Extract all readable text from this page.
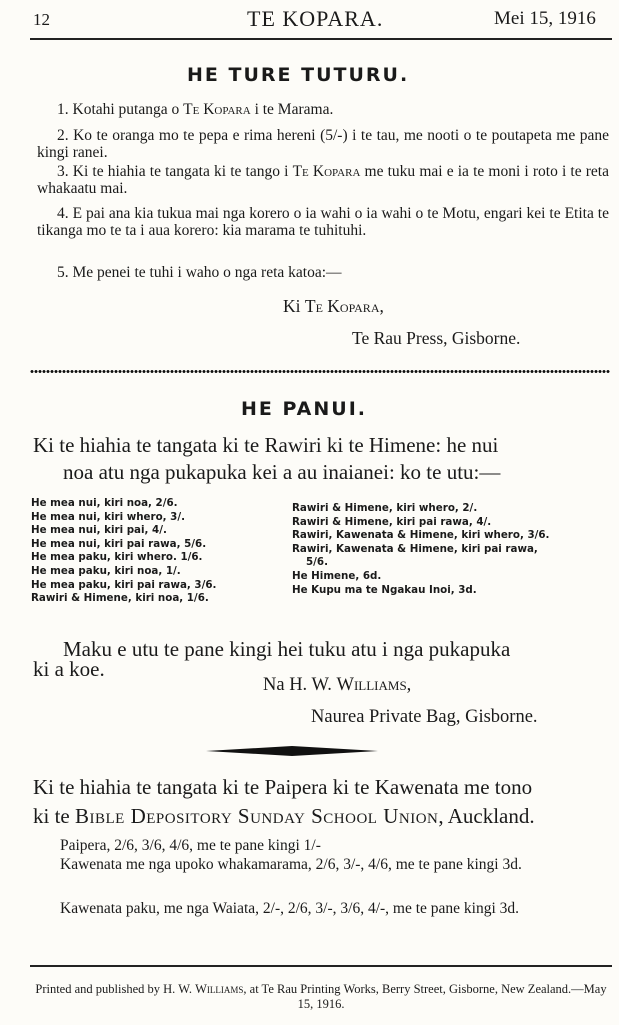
12	TE KOPARA.	Mei 15, 1916
HE TURE TUTURU.
1. Kotahi putanga o Te Kopara i te Marama.
2. Ko te oranga mo te pepa e rima hereni (5/-) i te tau, me nooti o te poutapeta me pane kingi ranei.
3. Ki te hiahia te tangata ki te tango i Te Kopara me tuku mai e ia te moni i roto i te reta whakaatu mai.
4. E pai ana kia tukua mai nga korero o ia wahi o ia wahi o te Motu, engari kei te Etita te tikanga mo te ta i aua korero: kia marama te tuhituhi.
5. Me penei te tuhi i waho o nga reta katoa:—
Ki Te Kopara,
Te Rau Press, Gisborne.
HE PANUI.
Ki te hiahia te tangata ki te Rawiri ki te Himene: he nui
noa atu nga pukapuka kei a au inaianei: ko te utu:—
He mea nui, kiri noa, 2/6.
He mea nui, kiri whero, 3/.
He mea nui, kiri pai, 4/.
He mea nui, kiri pai rawa, 5/6.
He mea paku, kiri whero. 1/6.
He mea paku, kiri noa, 1/.
He mea paku, kiri pai rawa, 3/6.
Rawiri & Himene, kiri noa, 1/6.
Rawiri & Himene, kiri whero, 2/.
Rawiri & Himene, kiri pai rawa, 4/.
Rawiri, Kawenata & Himene, kiri whero, 3/6.
Rawiri, Kawenata & Himene, kiri pai rawa,
5/6.
He Himene, 6d.
He Kupu ma te Ngakau Inoi, 3d.
Maku e utu te pane kingi hei tuku atu i nga pukapuka
ki a koe.
Na H. W. Williams,
Naurea Private Bag, Gisborne.
Ki te hiahia te tangata ki te Paipera ki te Kawenata me tono
ki te Bible Depository Sunday School Union, Auckland.
Paipera, 2/6, 3/6, 4/6, me te pane kingi 1/-
Kawenata me nga upoko whakamarama, 2/6, 3/-, 4/6, me te pane kingi 3d.
Kawenata paku, me nga Waiata, 2/-, 2/6, 3/-, 3/6, 4/-, me te pane kingi 3d.
Printed and published by H. W. Williams, at Te Rau Printing Works, Berry Street, Gisborne, New Zealand.—May 15, 1916.
